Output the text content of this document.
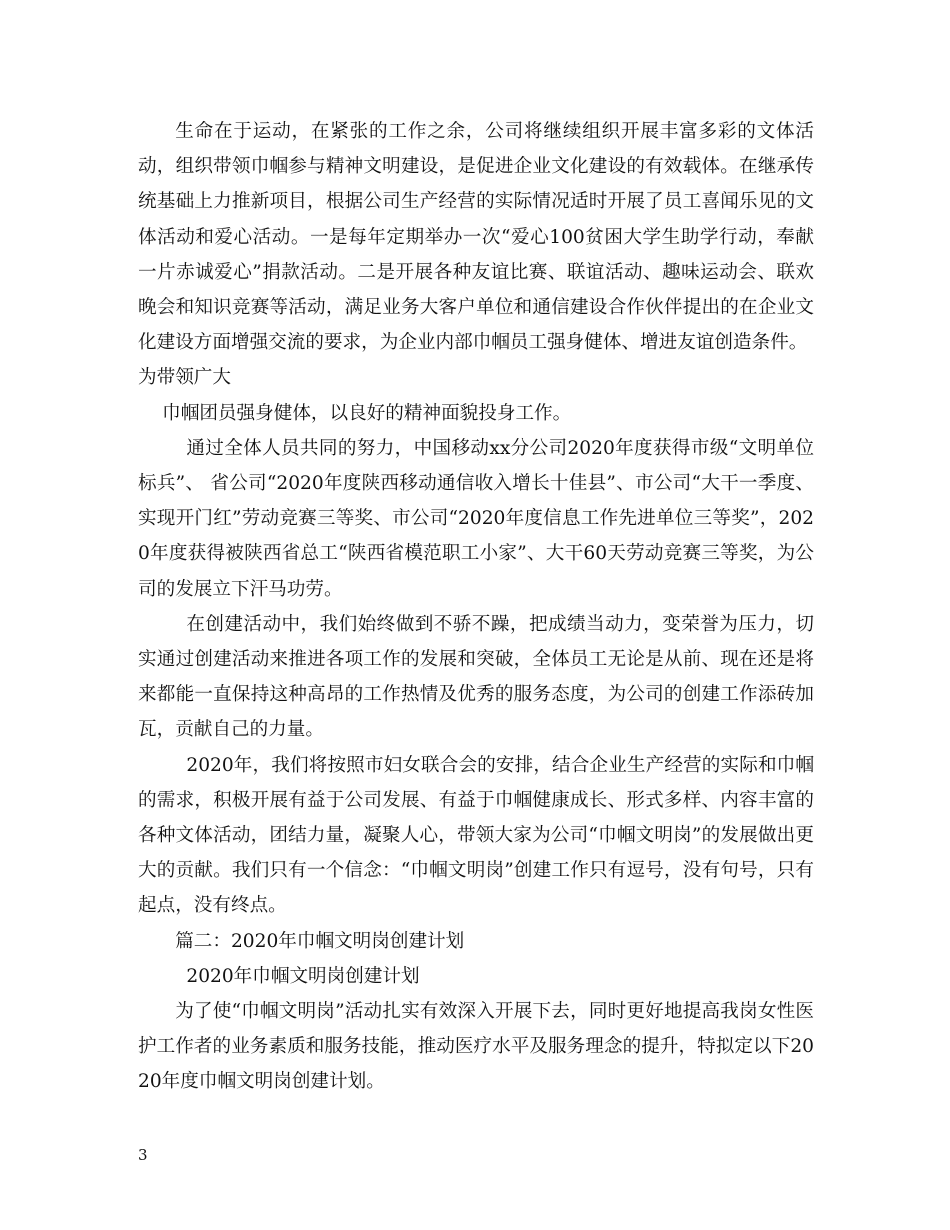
生命在于运动，在紧张的工作之余，公司将继续组织开展丰富多彩的文体活动，组织带领巾帼参与精神文明建设，是促进企业文化建设的有效载体。在继承传统基础上力推新项目，根据公司生产经营的实际情况适时开展了员工喜闻乐见的文体活动和爱心活动。一是每年定期举办一次“爱心100贫困大学生助学行动，奉献一片赤诚爱心”捐款活动。二是开展各种友谊比赛、联谊活动、趣味运动会、联欢晚会和知识竞赛等活动，满足业务大客户单位和通信建设合作伙伴提出的在企业文化建设方面增强交流的要求，为企业内部巾帼员工强身健体、增进友谊创造条件。
为带领广大

巾帼团员强身健体，以良好的精神面貌投身工作。

通过全体人员共同的努力，中国移动xx分公司2020年度获得市级“文明单位标兵”、 省公司“2020年度陕西移动通信收入增长十佳县”、市公司“大干一季度、实现开门红”劳动竞赛三等奖、市公司“2020年度信息工作先进单位三等奖”，2020年度获得被陕西省总工“陕西省模范职工小家”、大干60天劳动竞赛三等奖，为公司的发展立下汗马功劳。

在创建活动中，我们始终做到不骄不躁，把成绩当动力，变荣誉为压力，切实通过创建活动来推进各项工作的发展和突破，全体员工无论是从前、现在还是将来都能一直保持这种高昂的工作热情及优秀的服务态度，为公司的创建工作添砖加瓦，贡献自己的力量。

2020年，我们将按照市妇女联合会的安排，结合企业生产经营的实际和巾帼的需求，积极开展有益于公司发展、有益于巾帼健康成长、形式多样、内容丰富的各种文体活动，团结力量，凝聚人心，带领大家为公司“巾帼文明岗”的发展做出更大的贡献。我们只有一个信念：“巾帼文明岗”创建工作只有逗号，没有句号，只有起点，没有终点。

篇二：2020年巾帼文明岗创建计划

2020年巾帼文明岗创建计划

为了使“巾帼文明岗”活动扎实有效深入开展下去，同时更好地提高我岗女性医护工作者的业务素质和服务技能，推动医疗水平及服务理念的提升，特拟定以下2020年度巾帼文明岗创建计划。

3
